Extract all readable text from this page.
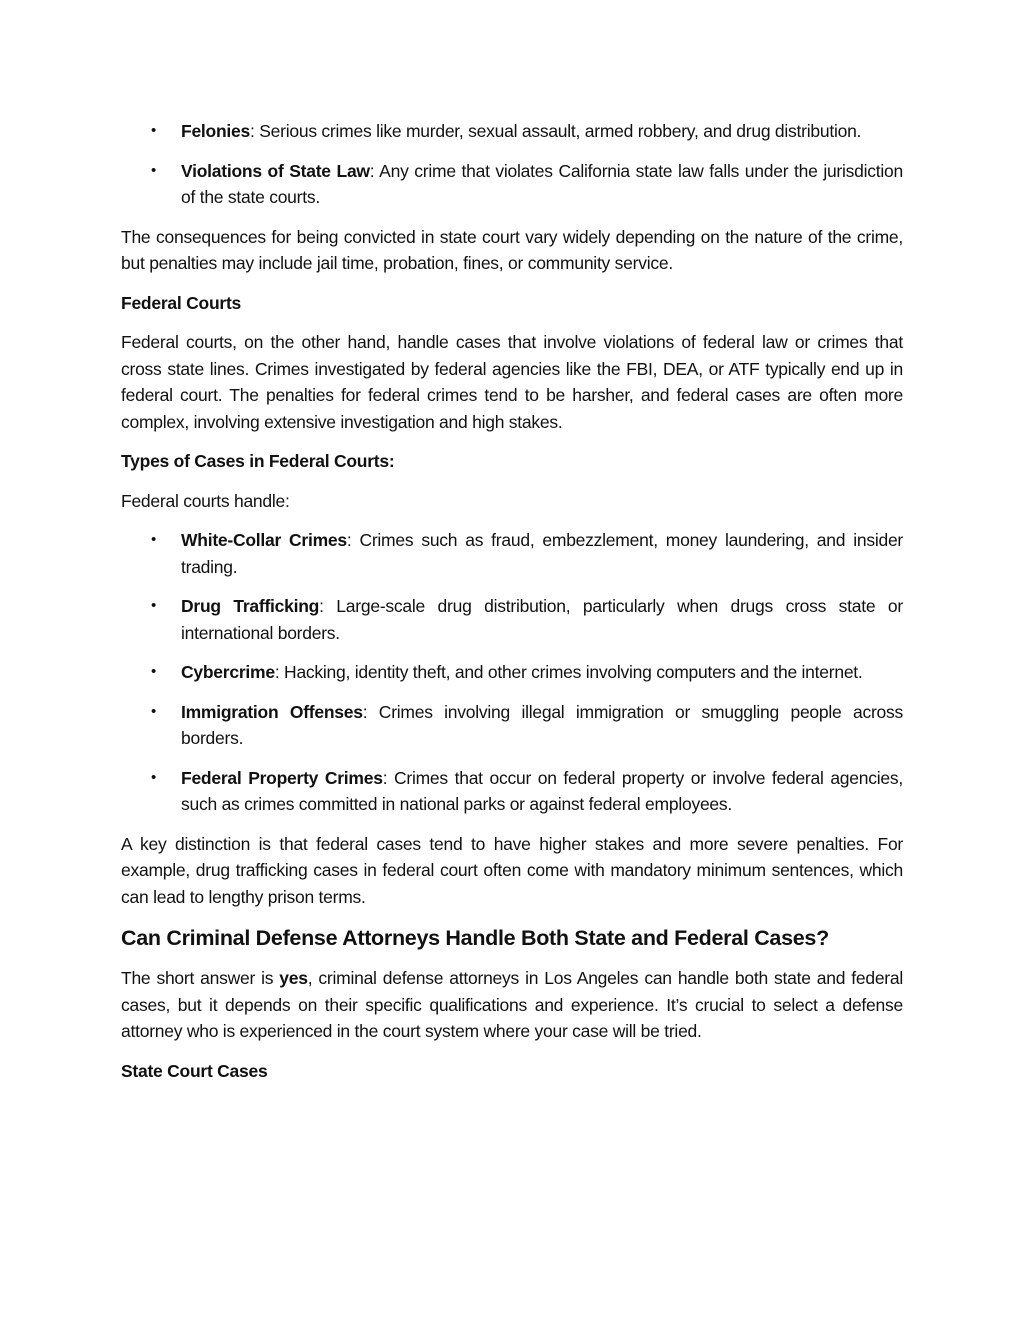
• Felonies: Serious crimes like murder, sexual assault, armed robbery, and drug distribution.
• Violations of State Law: Any crime that violates California state law falls under the jurisdiction of the state courts.

The consequences for being convicted in state court vary widely depending on the nature of the crime, but penalties may include jail time, probation, fines, or community service.

Federal Courts

Federal courts, on the other hand, handle cases that involve violations of federal law or crimes that cross state lines. Crimes investigated by federal agencies like the FBI, DEA, or ATF typically end up in federal court. The penalties for federal crimes tend to be harsher, and federal cases are often more complex, involving extensive investigation and high stakes.

Types of Cases in Federal Courts:

Federal courts handle:

• White-Collar Crimes: Crimes such as fraud, embezzlement, money laundering, and insider trading.
• Drug Trafficking: Large-scale drug distribution, particularly when drugs cross state or international borders.
• Cybercrime: Hacking, identity theft, and other crimes involving computers and the internet.
• Immigration Offenses: Crimes involving illegal immigration or smuggling people across borders.
• Federal Property Crimes: Crimes that occur on federal property or involve federal agencies, such as crimes committed in national parks or against federal employees.

A key distinction is that federal cases tend to have higher stakes and more severe penalties. For example, drug trafficking cases in federal court often come with mandatory minimum sentences, which can lead to lengthy prison terms.

Can Criminal Defense Attorneys Handle Both State and Federal Cases?

The short answer is yes, criminal defense attorneys in Los Angeles can handle both state and federal cases, but it depends on their specific qualifications and experience. It’s crucial to select a defense attorney who is experienced in the court system where your case will be tried.

State Court Cases
